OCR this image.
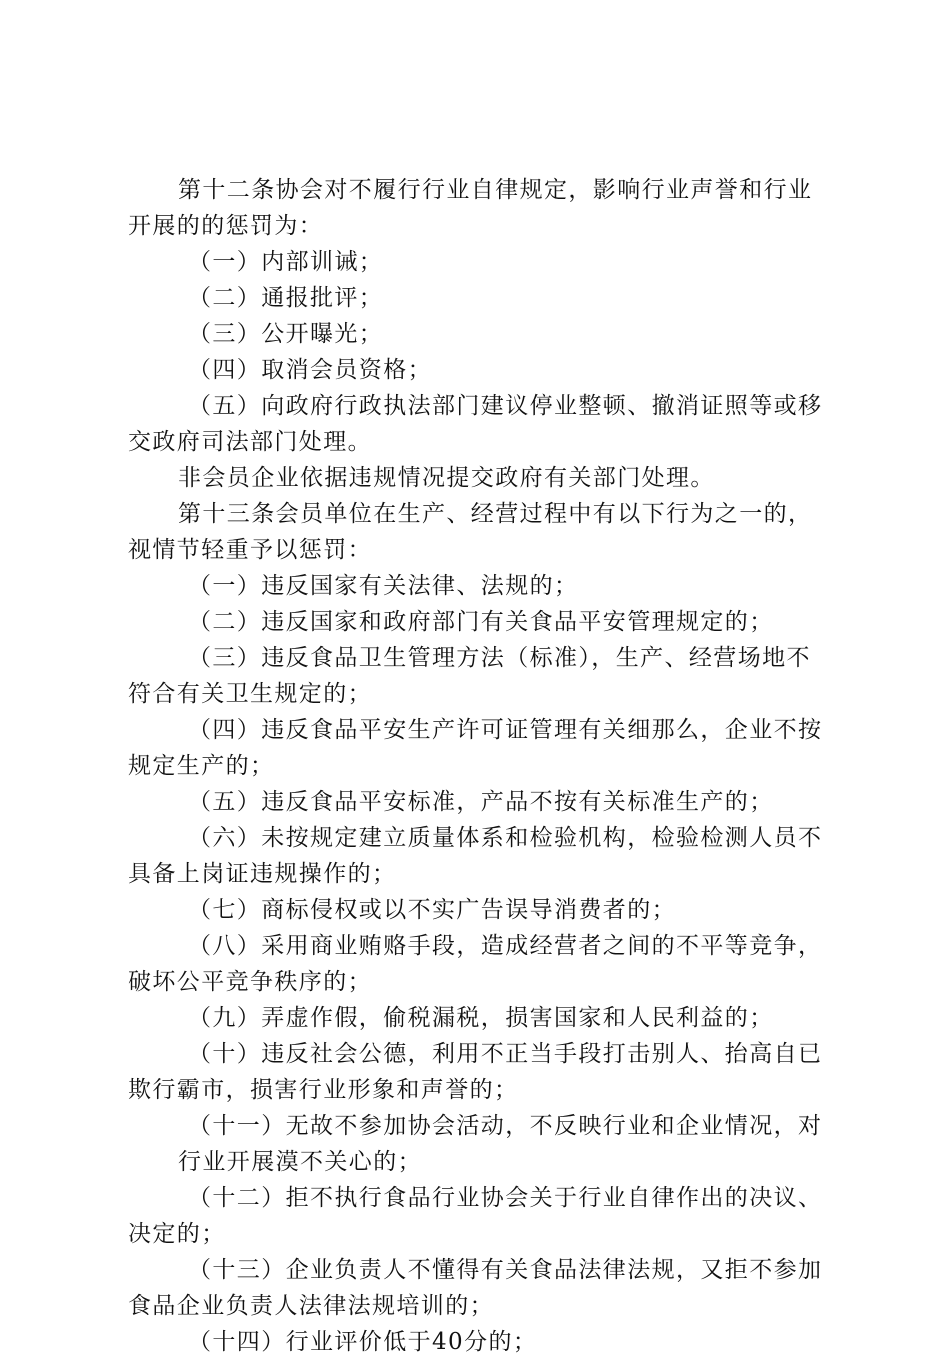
第十二条协会对不履行行业自律规定，影响行业声誉和行业
开展的的惩罚为：
（一）内部训诫；
（二）通报批评；
（三）公开曝光；
（四）取消会员资格；
（五）向政府行政执法部门建议停业整顿、撤消证照等或移
交政府司法部门处理。
非会员企业依据违规情况提交政府有关部门处理。
第十三条会员单位在生产、经营过程中有以下行为之一的，
视情节轻重予以惩罚：
（一）违反国家有关法律、法规的；
（二）违反国家和政府部门有关食品平安管理规定的；
（三）违反食品卫生管理方法（标准），生产、经营场地不
符合有关卫生规定的；
（四）违反食品平安生产许可证管理有关细那么，企业不按
规定生产的；
（五）违反食品平安标准，产品不按有关标准生产的；
（六）未按规定建立质量体系和检验机构，检验检测人员不
具备上岗证违规操作的；
（七）商标侵权或以不实广告误导消费者的；
（八）采用商业贿赂手段，造成经营者之间的不平等竞争，
破坏公平竞争秩序的；
（九）弄虚作假，偷税漏税，损害国家和人民利益的；
（十）违反社会公德，利用不正当手段打击别人、抬高自已
欺行霸市，损害行业形象和声誉的；
（十一）无故不参加协会活动，不反映行业和企业情况，对
行业开展漠不关心的；
（十二）拒不执行食品行业协会关于行业自律作出的决议、
决定的；
（十三）企业负责人不懂得有关食品法律法规，又拒不参加
食品企业负责人法律法规培训的；
（十四）行业评价低于40分的；
